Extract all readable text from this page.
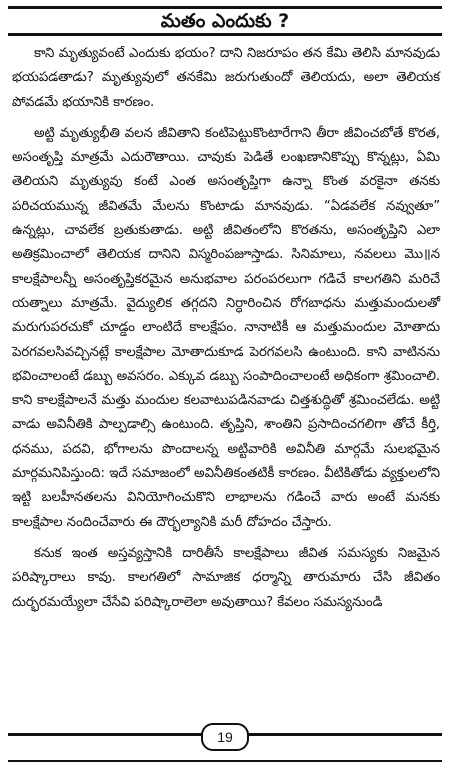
మతం ఎందుకు ?

కాని మృత్యువంటే ఎందుకు భయం? దాని నిజరూపం తన కేమి తెలిసి మానవుడు భయపడతాడు? మృత్యువులో తనకేమి జరుగుతుందో తెలియదు, అలా తెలియక పోవడమే భయానికి కారణం.

అట్టి మృత్యుభీతి వలన జీవితాని కంటిపెట్టుకొంటారేగాని తీరా జీవించబోతే కొరత, అసంతృప్తి మాత్రమే ఎదురౌతాయి. చావుకు పెడితే లంఖణానికొప్పు కొన్నట్లు, ఏమి తెలియని మృత్యువు కంటే ఎంత అసంతృప్తిగా ఉన్నా కొంత వరకైనా తనకు పరిచయమున్న జీవితమే మేలను కొంటాడు మానవుడు. “ఏడవలేక నవ్వుతూ” ఉన్నట్లు, చావలేక బ్రతుకుతాడు. అట్టి జీవితంలోని కొరతను, అసంతృప్తిని ఎలా అతిక్రమించాలో తెలియక దానిని విస్మరింపజూస్తాడు. సినిమాలు, నవలలు మొ॥న కాలక్షేపాలన్నీ అసంతృప్తికరమైన అనుభవాల పరంపరలుగా గడిచే కాలగతిని మరిచే యత్నాలు మాత్రమే. వైద్యులిక తగ్గదని నిర్ధారించిన రోగబాధను మత్తుమందులతో మరుగుపరచుకో చూడ్డం లాంటిదే కాలక్షేపం. నానాటికీ ఆ మత్తుమందుల మోతాదు పెరగవలసివచ్చినట్లే కాలక్షేపాల మోతాదుకూడ పెరగవలసి ఉంటుంది. కాని వాటినను భవించాలంటే డబ్బు అవసరం. ఎక్కువ డబ్బు సంపాదించాలంటే అధికంగా శ్రమించాలి. కాని కాలక్షేపాలనే మత్తు మందుల కలవాటుపడినవాడు చిత్తశుద్ధితో శ్రమించలేడు. అట్టి వాడు అవినీతికి పాల్పడాల్సి ఉంటుంది. తృప్తిని, శాంతిని ప్రసాదించగలిగా తోచే కీర్తి, ధనము, పదవి, భోగాలను పొందాలన్న అట్టివారికి అవినీతి మార్గమే సులభమైన మార్గమనిపిస్తుంది: ఇదే సమాజంలో అవినీతికంతటికీ కారణం. వీటికితోడు వ్యక్తులలోని ఇట్టి బలహీనతలను వినియోగించుకొని లాభాలను గడించే వారు అంటే మనకు కాలక్షేపాల నందించేవారు ఈ దౌర్భల్యానికి మరీ దోహదం చేస్తారు.

కనుక ఇంత అస్తవ్యస్తానికి దారితీసే కాలక్షేపాలు జీవిత సమస్యకు నిజమైన పరిష్కారాలు కావు. కాలగతిలో సామాజిక ధర్మాన్ని తారుమారు చేసి జీవితం దుర్భరమయ్యేలా చేసేవి పరిష్కారాలెలా అవుతాయి? కేవలం సమస్యనుండి

19
